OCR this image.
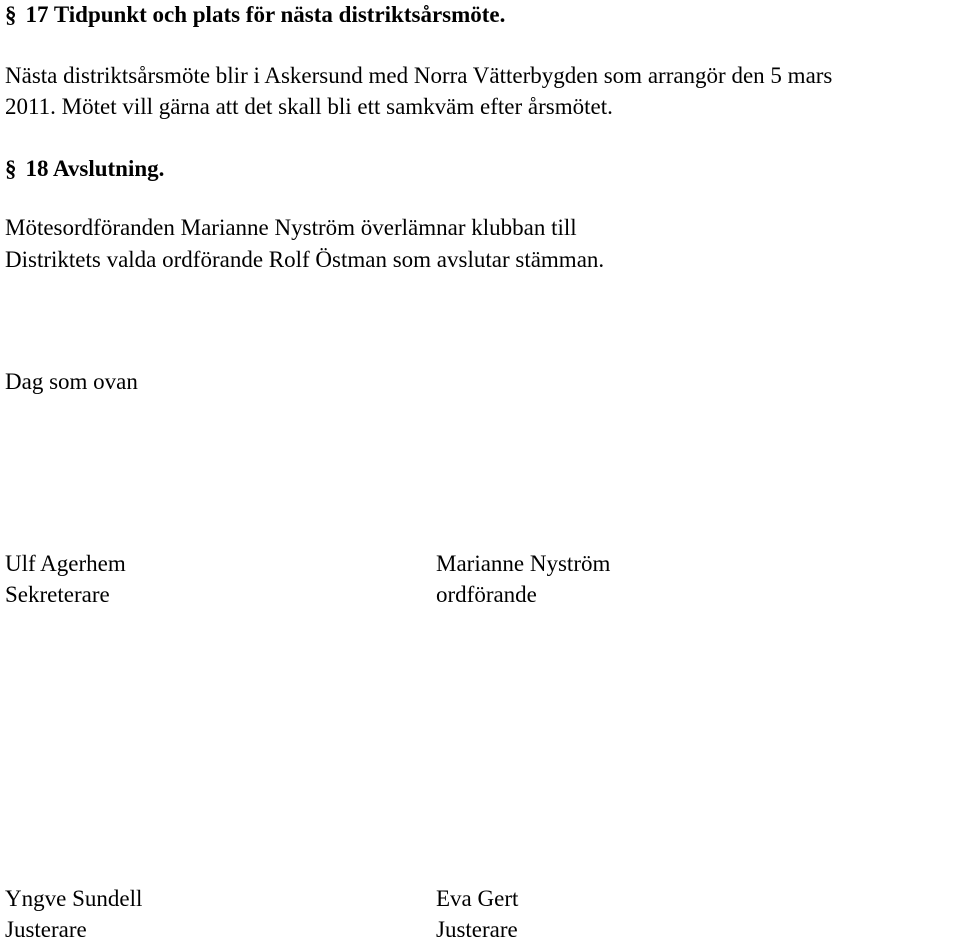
§ 17 Tidpunkt och plats för nästa distriktsårsmöte.
Nästa distriktsårsmöte blir i Askersund med Norra Vätterbygden som arrangör den 5 mars
2011. Mötet vill gärna att det skall bli ett samkväm efter årsmötet.
§ 18 Avslutning.
Mötesordföranden Marianne Nyström överlämnar klubban till
Distriktets valda ordförande Rolf Östman som avslutar stämman.
Dag som ovan
Ulf Agerhem
Sekreterare
Marianne Nyström
ordförande
Yngve Sundell
Justerare
Eva Gert
Justerare
